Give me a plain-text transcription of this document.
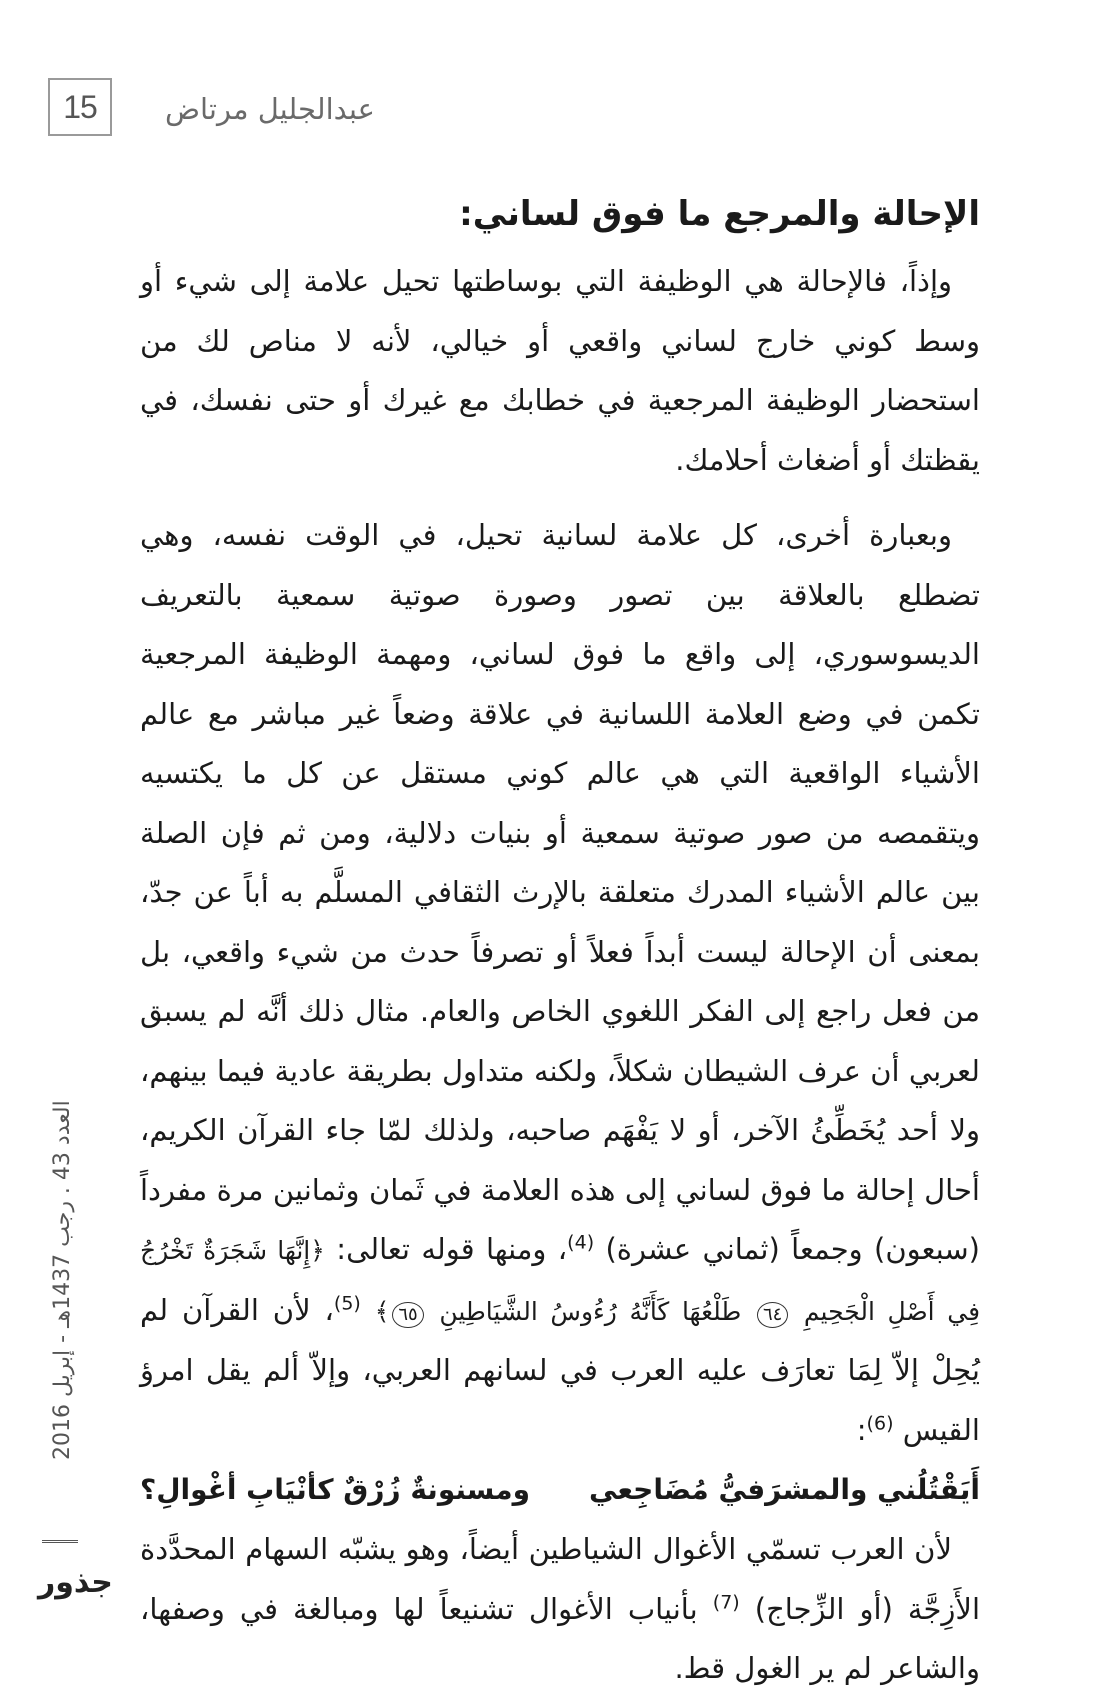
15 عبدالجليل مرتاض
الإحالة والمرجع ما فوق لساني:

وإذاً، فالإحالة هي الوظيفة التي بوساطتها تحيل علامة إلى شيء أو وسط كوني خارج لساني واقعي أو خيالي، لأنه لا مناص لك من استحضار الوظيفة المرجعية في خطابك مع غيرك أو حتى نفسك، في يقظتك أو أضغاث أحلامك.

وبعبارة أخرى، كل علامة لسانية تحيل، في الوقت نفسه، وهي تضطلع بالعلاقة بين تصور وصورة صوتية سمعية بالتعريف الديسوسوري، إلى واقع ما فوق لساني، ومهمة الوظيفة المرجعية تكمن في وضع العلامة اللسانية في علاقة وضعاً غير مباشر مع عالم الأشياء الواقعية التي هي عالم كوني مستقل عن كل ما يكتسيه ويتقمصه من صور صوتية سمعية أو بنيات دلالية، ومن ثم فإن الصلة بين عالم الأشياء المدرك متعلقة بالإرث الثقافي المسلَّم به أباً عن جدّ، بمعنى أن الإحالة ليست أبداً فعلاً أو تصرفاً حدث من شيء واقعي، بل من فعل راجع إلى الفكر اللغوي الخاص والعام. مثال ذلك أنَّه لم يسبق لعربي أن عرف الشيطان شكلاً، ولكنه متداول بطريقة عادية فيما بينهم، ولا أحد يُخَطِّئُ الآخر، أو لا يَفْهَم صاحبه، ولذلك لمّا جاء القرآن الكريم، أحال إحالة ما فوق لساني إلى هذه العلامة في ثَمان وثمانين مرة مفرداً (سبعون) وجمعاً (ثماني عشرة) $^{(4)}$، ومنها قوله تعالى: ﴿إِنَّهَا شَجَرَةٌ تَخْرُجُ فِي أَصْلِ الْجَحِيمِ ٦٤ طَلْعُهَا كَأَنَّهُ رُءُوسُ الشَّيَاطِينِ ٦٥﴾ $^{(5)}$، لأن القرآن لم يُحِلْ إلاّ لِمَا تعارَف عليه العرب في لسانهم العربي، وإلاّ ألم يقل امرؤ القيس $^{(6)}$:

أَيَقْتُلُني والمشرَفيُّ مُضَاجِعي
ومسنونةٌ زُرْقٌ كأنْيَابِ أغْوالِ؟

لأن العرب تسمّي الأغوال الشياطين أيضاً، وهو يشبّه السهام المحدَّدة الأَزِجَّة (أو الزِّجاج) $^{(7)}$ بأنياب الأغوال تشنيعاً لها ومبالغة في وصفها، والشاعر لم ير الغول قط.

العدد 43 . رجب 1437هـ - إبريل 2016
جذور
